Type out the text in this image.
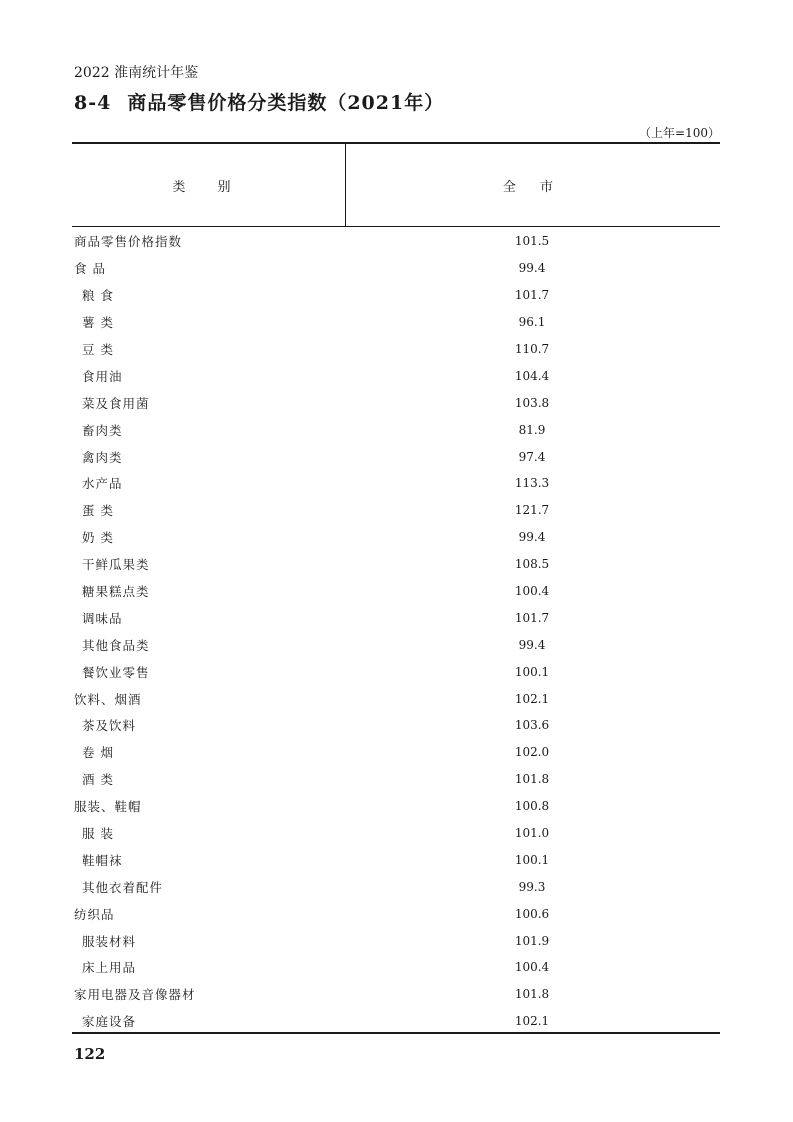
2022 淮南统计年鉴
8-4 商品零售价格分类指数（2021年）
（上年=100）
类 别	全 市
商品零售价格指数	101.5
食 品	99.4
粮 食	101.7
薯 类	96.1
豆 类	110.7
食用油	104.4
菜及食用菌	103.8
畜肉类	81.9
禽肉类	97.4
水产品	113.3
蛋 类	121.7
奶 类	99.4
干鲜瓜果类	108.5
糖果糕点类	100.4
调味品	101.7
其他食品类	99.4
餐饮业零售	100.1
饮料、烟酒	102.1
茶及饮料	103.6
卷 烟	102.0
酒 类	101.8
服装、鞋帽	100.8
服 装	101.0
鞋帽袜	100.1
其他衣着配件	99.3
纺织品	100.6
服装材料	101.9
床上用品	100.4
家用电器及音像器材	101.8
家庭设备	102.1
122
